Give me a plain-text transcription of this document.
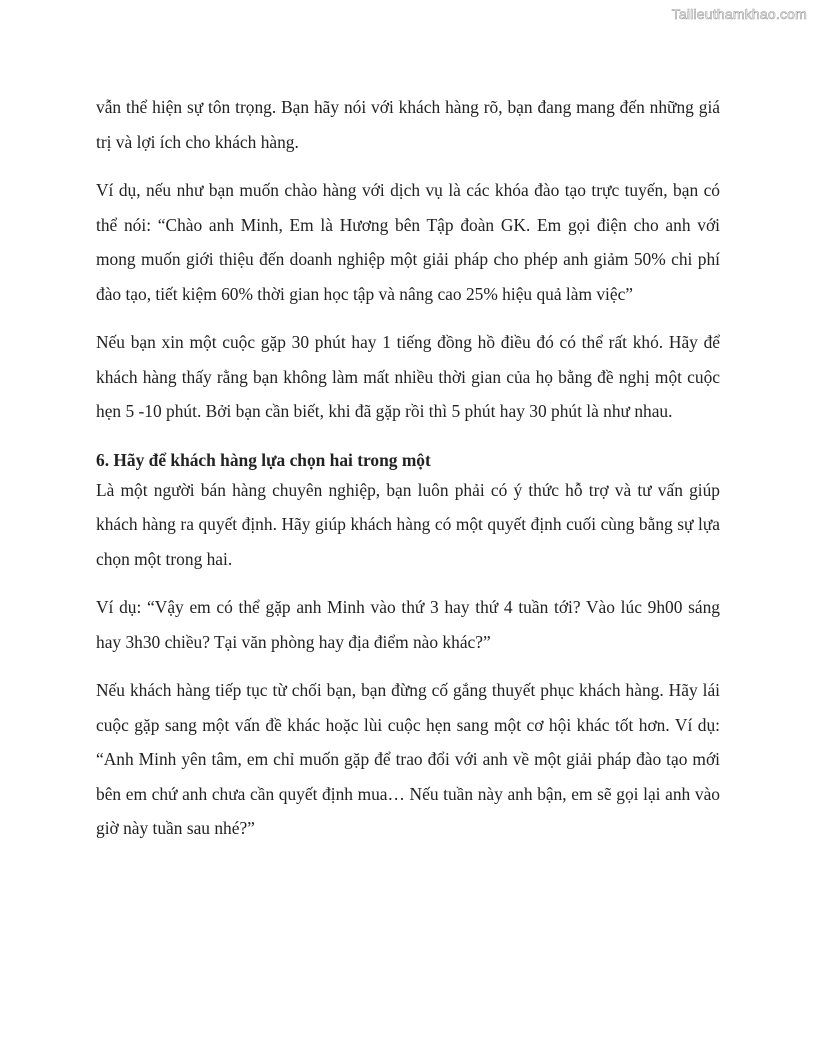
Tailieuthamkhao.com

vẫn thể hiện sự tôn trọng. Bạn hãy nói với khách hàng rõ, bạn đang mang đến những giá trị và lợi ích cho khách hàng.

Ví dụ, nếu như bạn muốn chào hàng với dịch vụ là các khóa đào tạo trực tuyến, bạn có thể nói: “Chào anh Minh, Em là Hương bên Tập đoàn GK. Em gọi điện cho anh với mong muốn giới thiệu đến doanh nghiệp một giải pháp cho phép anh giảm 50% chi phí đào tạo, tiết kiệm 60% thời gian học tập và nâng cao 25% hiệu quả làm việc”

Nếu bạn xin một cuộc gặp 30 phút hay 1 tiếng đồng hồ điều đó có thể rất khó. Hãy để khách hàng thấy rằng bạn không làm mất nhiều thời gian của họ bằng đề nghị một cuộc hẹn 5 -10 phút. Bởi bạn cần biết, khi đã gặp rồi thì 5 phút hay 30 phút là như nhau.

6. Hãy để khách hàng lựa chọn hai trong một

Là một người bán hàng chuyên nghiệp, bạn luôn phải có ý thức hỗ trợ và tư vấn giúp khách hàng ra quyết định. Hãy giúp khách hàng có một quyết định cuối cùng bằng sự lựa chọn một trong hai.

Ví dụ: “Vậy em có thể gặp anh Minh vào thứ 3 hay thứ 4 tuần tới? Vào lúc 9h00 sáng hay 3h30 chiều? Tại văn phòng hay địa điểm nào khác?”

Nếu khách hàng tiếp tục từ chối bạn, bạn đừng cố gắng thuyết phục khách hàng. Hãy lái cuộc gặp sang một vấn đề khác hoặc lùi cuộc hẹn sang một cơ hội khác tốt hơn. Ví dụ: “Anh Minh yên tâm, em chỉ muốn gặp để trao đổi với anh về một giải pháp đào tạo mới bên em chứ anh chưa cần quyết định mua… Nếu tuần này anh bận, em sẽ gọi lại anh vào giờ này tuần sau nhé?”
